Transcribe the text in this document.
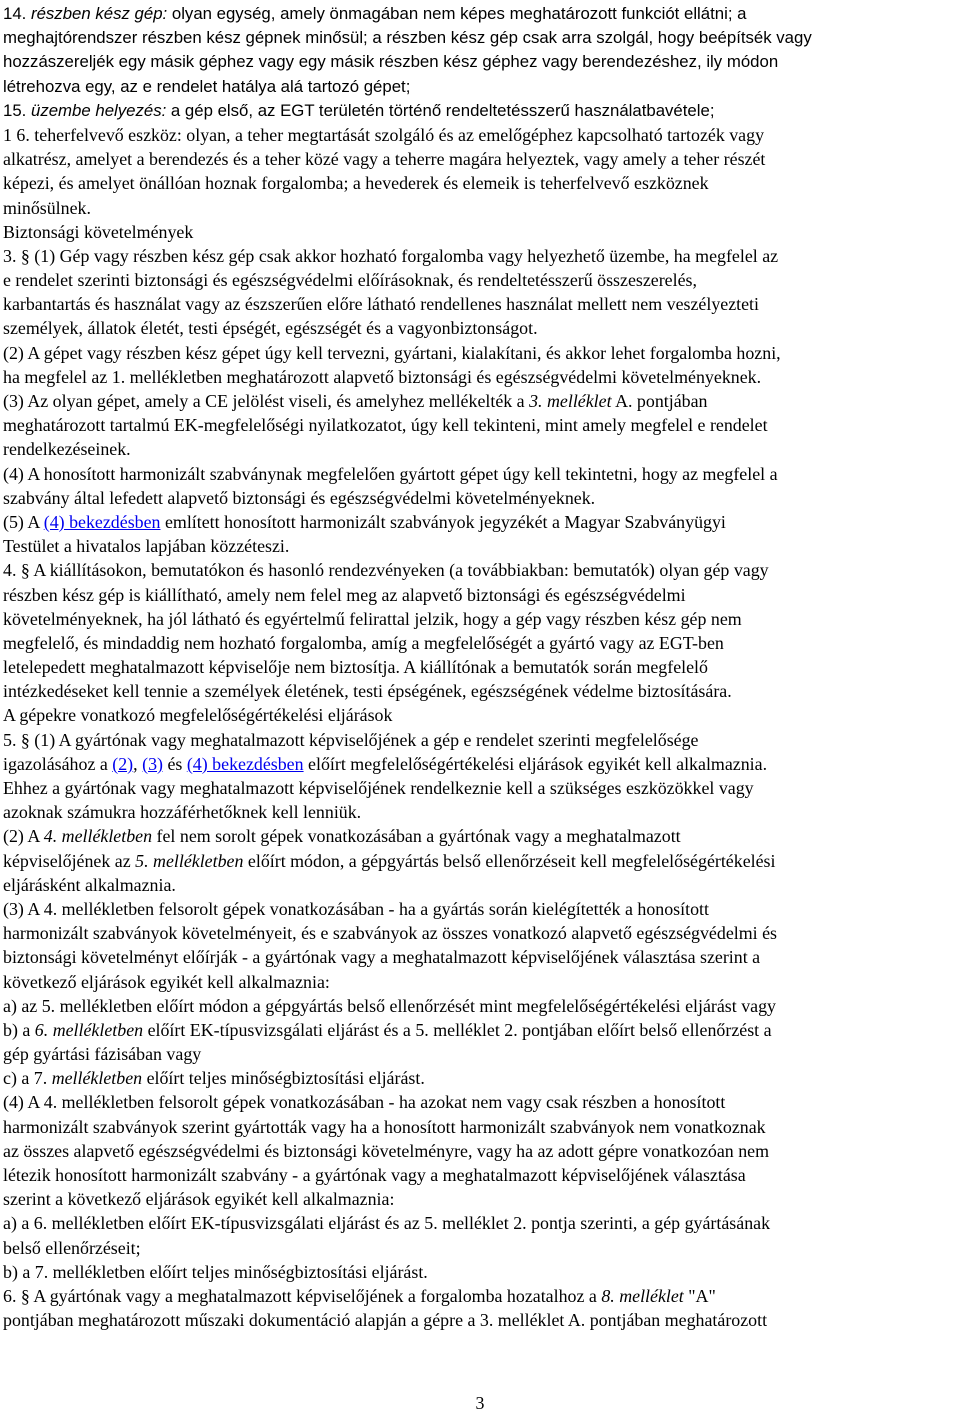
14. részben kész gép: olyan egység, amely önmagában nem képes meghatározott funkciót ellátni; a
meghajtórendszer részben kész gépnek minősül; a részben kész gép csak arra szolgál, hogy beépítsék vagy
hozzászereljék egy másik géphez vagy egy másik részben kész géphez vagy berendezéshez, ily módon
létrehozva egy, az e rendelet hatálya alá tartozó gépet;
15. üzembe helyezés: a gép első, az EGT területén történő rendeltetésszerű használatbavétele;
1 6. teherfelvevő eszköz: olyan, a teher megtartását szolgáló és az emelőgéphez kapcsolható tartozék vagy
alkatrész, amelyet a berendezés és a teher közé vagy a teherre magára helyeztek, vagy amely a teher részét
képezi, és amelyet önállóan hoznak forgalomba; a hevederek és elemeik is teherfelvevő eszköznek
minősülnek.
Biztonsági követelmények
3. § (1) Gép vagy részben kész gép csak akkor hozható forgalomba vagy helyezhető üzembe, ha megfelel az
e rendelet szerinti biztonsági és egészségvédelmi előírásoknak, és rendeltetésszerű összeszerelés,
karbantartás és használat vagy az észszerűen előre látható rendellenes használat mellett nem veszélyezteti
személyek, állatok életét, testi épségét, egészségét és a vagyonbiztonságot.
(2) A gépet vagy részben kész gépet úgy kell tervezni, gyártani, kialakítani, és akkor lehet forgalomba hozni,
ha megfelel az 1. mellékletben meghatározott alapvető biztonsági és egészségvédelmi követelményeknek.
(3) Az olyan gépet, amely a CE jelölést viseli, és amelyhez mellékelték a 3. melléklet A. pontjában
meghatározott tartalmú EK-megfelelőségi nyilatkozatot, úgy kell tekinteni, mint amely megfelel e rendelet
rendelkezéseinek.
(4) A honosított harmonizált szabványnak megfelelően gyártott gépet úgy kell tekintetni, hogy az megfelel a
szabvány által lefedett alapvető biztonsági és egészségvédelmi követelményeknek.
(5) A (4) bekezdésben említett honosított harmonizált szabványok jegyzékét a Magyar Szabványügyi
Testület a hivatalos lapjában közzéteszi.
4. § A kiállításokon, bemutatókon és hasonló rendezvényeken (a továbbiakban: bemutatók) olyan gép vagy
részben kész gép is kiállítható, amely nem felel meg az alapvető biztonsági és egészségvédelmi
követelményeknek, ha jól látható és egyértelmű felirattal jelzik, hogy a gép vagy részben kész gép nem
megfelelő, és mindaddig nem hozható forgalomba, amíg a megfelelőségét a gyártó vagy az EGT-ben
letelepedett meghatalmazott képviselője nem biztosítja. A kiállítónak a bemutatók során megfelelő
intézkedéseket kell tennie a személyek életének, testi épségének, egészségének védelme biztosítására.
A gépekre vonatkozó megfelelőségértékelési eljárások
5. § (1) A gyártónak vagy meghatalmazott képviselőjének a gép e rendelet szerinti megfelelősége
igazolásához a (2), (3) és (4) bekezdésben előírt megfelelőségértékelési eljárások egyikét kell alkalmaznia.
Ehhez a gyártónak vagy meghatalmazott képviselőjének rendelkeznie kell a szükséges eszközökkel vagy
azoknak számukra hozzáférhetőknek kell lenniük.
(2) A 4. mellékletben fel nem sorolt gépek vonatkozásában a gyártónak vagy a meghatalmazott
képviselőjének az 5. mellékletben előírt módon, a gépgyártás belső ellenőrzéseit kell megfelelőségértékelési
eljárásként alkalmaznia.
(3) A 4. mellékletben felsorolt gépek vonatkozásában - ha a gyártás során kielégítették a honosított
harmonizált szabványok követelményeit, és e szabványok az összes vonatkozó alapvető egészségvédelmi és
biztonsági követelményt előírják - a gyártónak vagy a meghatalmazott képviselőjének választása szerint a
következő eljárások egyikét kell alkalmaznia:
a) az 5. mellékletben előírt módon a gépgyártás belső ellenőrzését mint megfelelőségértékelési eljárást vagy
b) a 6. mellékletben előírt EK-típusvizsgálati eljárást és a 5. melléklet 2. pontjában előírt belső ellenőrzést a
gép gyártási fázisában vagy
c) a 7. mellékletben előírt teljes minőségbiztosítási eljárást.
(4) A 4. mellékletben felsorolt gépek vonatkozásában - ha azokat nem vagy csak részben a honosított
harmonizált szabványok szerint gyártották vagy ha a honosított harmonizált szabványok nem vonatkoznak
az összes alapvető egészségvédelmi és biztonsági követelményre, vagy ha az adott gépre vonatkozóan nem
létezik honosított harmonizált szabvány - a gyártónak vagy a meghatalmazott képviselőjének választása
szerint a következő eljárások egyikét kell alkalmaznia:
a) a 6. mellékletben előírt EK-típusvizsgálati eljárást és az 5. melléklet 2. pontja szerinti, a gép gyártásának
belső ellenőrzéseit;
b) a 7. mellékletben előírt teljes minőségbiztosítási eljárást.
6. § A gyártónak vagy a meghatalmazott képviselőjének a forgalomba hozatalhoz a 8. melléklet "A"
pontjában meghatározott műszaki dokumentáció alapján a gépre a 3. melléklet A. pontjában meghatározott
3
